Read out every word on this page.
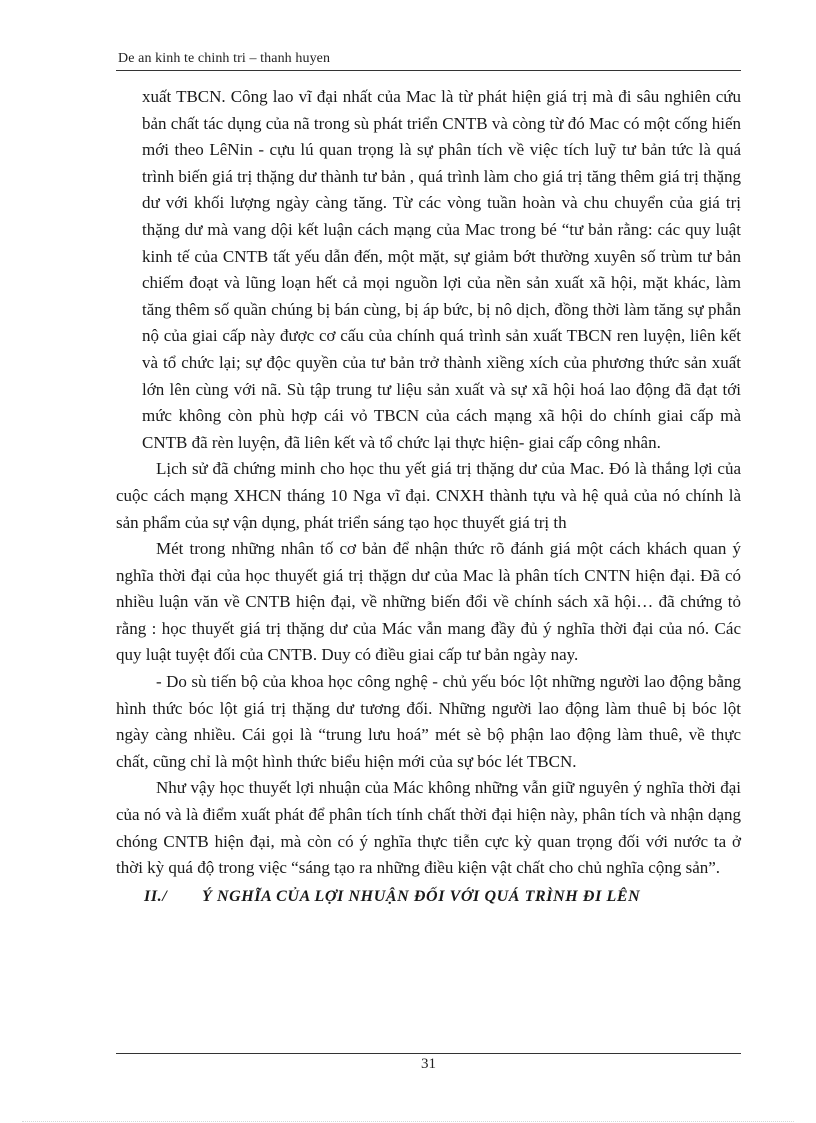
De an kinh te chinh tri – thanh huyen

xuất TBCN. Công lao vĩ đại nhất của Mac là từ phát hiện giá trị mà đi sâu nghiên cứu bản chất tác dụng của nã trong sù phát triển CNTB và còng từ đó Mac có một cống hiến mới theo LêNin - cựu lú quan trọng là sự phân tích về việc tích luỹ tư bản tức là quá trình biến giá trị thặng dư thành tư bản , quá trình làm cho giá trị tăng thêm giá trị thặng dư với khối lượng ngày càng tăng. Từ các vòng tuần hoàn và chu chuyển của giá trị thặng dư mà vang dội kết luận cách mạng của Mac trong bé “tư bản rằng: các quy luật kinh tế của CNTB tất yếu dẫn đến, một mặt, sự giảm bớt thường xuyên số trùm tư bản chiếm đoạt và lũng loạn hết cả mọi nguồn lợi của nền sản xuất xã hội, mặt khác, làm tăng thêm số quần chúng bị bán cùng, bị áp bức, bị nô dịch, đồng thời làm tăng sự phẫn nộ của giai cấp này được cơ cấu của chính quá trình sản xuất TBCN ren luyện, liên kết và tổ chức lại; sự độc quyền của tư bản trở thành xiềng xích của phương thức sản xuất lớn lên cùng với nã. Sù tập trung tư liệu sản xuất và sự xã hội hoá lao động đã đạt tới mức không còn phù hợp cái vỏ TBCN của cách mạng xã hội do chính giai cấp mà CNTB đã rèn luyện, đã liên kết và tổ chức lại thực hiện- giai cấp công nhân.

Lịch sử đã chứng minh cho học thu yết giá trị thặng dư của Mac. Đó là thắng lợi của cuộc cách mạng XHCN tháng 10 Nga vĩ đại. CNXH thành tựu và hệ quả của nó chính là sản phẩm của sự vận dụng, phát triển sáng tạo học thuyết giá trị th

Mét trong những nhân tố cơ bản để nhận thức rõ đánh giá một cách khách quan ý nghĩa thời đại của học thuyết giá trị thặgn dư của Mac là phân tích CNTN hiện đại. Đã có nhiều luận văn về CNTB hiện đại, về những biến đổi về chính sách xã hội… đã chứng tỏ rằng : học thuyết giá trị thặng dư của Mác vẫn mang đầy đủ ý nghĩa thời đại của nó. Các quy luật tuyệt đối của CNTB. Duy có điều giai cấp tư bản ngày nay.

- Do sù tiến bộ của khoa học công nghệ - chủ yếu bóc lột những người lao động bằng hình thức bóc lột giá trị thặng dư tương đối. Những người lao động làm thuê bị bóc lột ngày càng nhiều. Cái gọi là “trung lưu hoá” mét sè bộ phận lao động làm thuê, về thực chất, cũng chỉ là một hình thức biểu hiện mới của sự bóc lét TBCN.

Như vậy học thuyết lợi nhuận của Mác không những vẫn giữ nguyên ý nghĩa thời đại của nó và là điểm xuất phát để phân tích tính chất thời đại hiện này, phân tích và nhận dạng chóng CNTB hiện đại, mà còn có ý nghĩa thực tiễn cực kỳ quan trọng đối với nước ta ở thời kỳ quá độ trong việc “sáng tạo ra những điều kiện vật chất cho chủ nghĩa cộng sản”.

II./ Ý NGHĨA CỦA LỢI NHUẬN ĐỐI VỚI QUÁ TRÌNH ĐI LÊN

31
